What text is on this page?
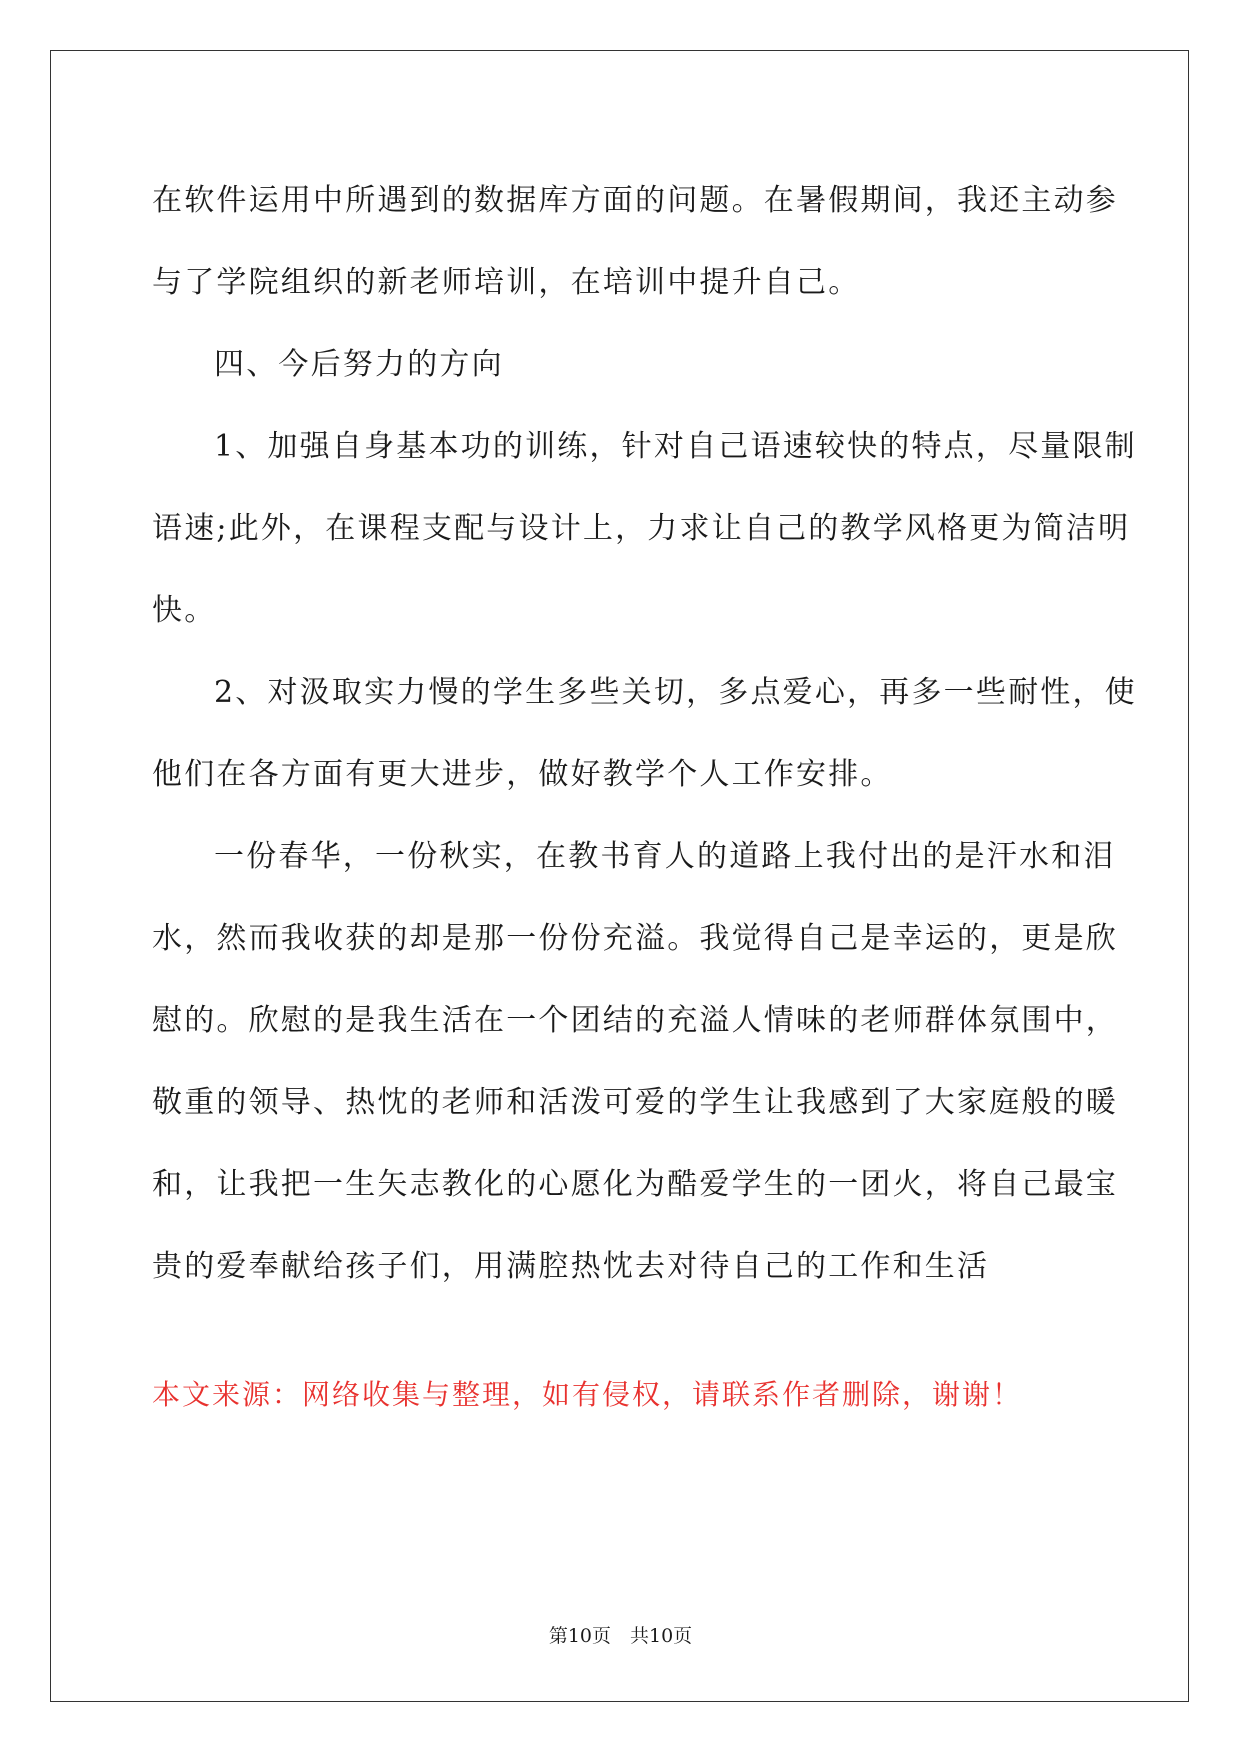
在软件运用中所遇到的数据库方面的问题。在暑假期间，我还主动参
与了学院组织的新老师培训，在培训中提升自己。
四、今后努力的方向
1、加强自身基本功的训练，针对自己语速较快的特点，尽量限制
语速;此外，在课程支配与设计上，力求让自己的教学风格更为简洁明
快。
2、对汲取实力慢的学生多些关切，多点爱心，再多一些耐性，使
他们在各方面有更大进步，做好教学个人工作安排。
一份春华，一份秋实，在教书育人的道路上我付出的是汗水和泪
水，然而我收获的却是那一份份充溢。我觉得自己是幸运的，更是欣
慰的。欣慰的是我生活在一个团结的充溢人情味的老师群体氛围中，
敬重的领导、热忱的老师和活泼可爱的学生让我感到了大家庭般的暖
和，让我把一生矢志教化的心愿化为酷爱学生的一团火，将自己最宝
贵的爱奉献给孩子们，用满腔热忱去对待自己的工作和生活
本文来源：网络收集与整理，如有侵权，请联系作者删除，谢谢！
第10页　共10页
